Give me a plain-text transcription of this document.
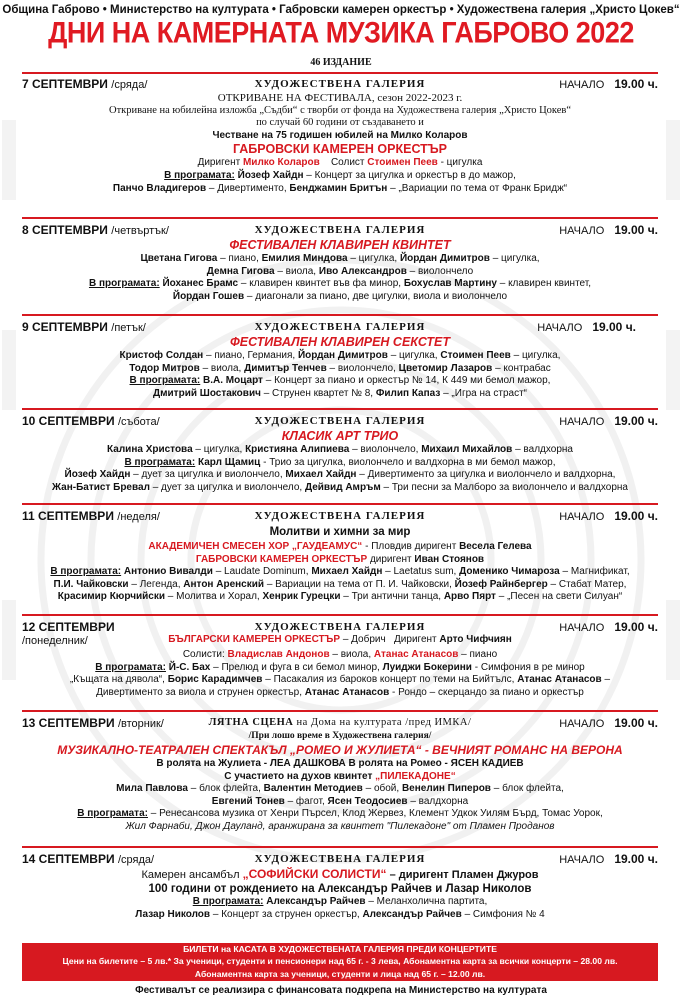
Община Габрово • Министерство на културата • Габровски камерен оркестър • Художествена галерия „Христо Цокев“
ДНИ НА КАМЕРНАТА МУЗИКА ГАБРОВО 2022
46 ИЗДАНИЕ
7 СЕПТЕМВРИ /сряда/	ХУДОЖЕСТВЕНА ГАЛЕРИЯ	НАЧАЛО 19.00 ч.
ОТКРИВАНЕ НА ФЕСТИВАЛА, сезон 2022-2023 г.
Откриване на юбилейна изложба „Съдби“ с творби от фонда на Художествена галерия „Христо Цокев“
по случай 60 години от създаването и
Честване на 75 годишен юбилей на Милко Коларов
ГАБРОВСКИ КАМЕРЕН ОРКЕСТЪР
Диригент Милко Коларов Солист Стоимен Пеев - цигулка
В програмата: Йозеф Хайдн – Концерт за цигулка и оркестър в до мажор,
Панчо Владигеров – Дивертименто, Бенджамин Бритън – „Вариации по тема от Франк Бридж“
8 СЕПТЕМВРИ /четвъртък/	ХУДОЖЕСТВЕНА ГАЛЕРИЯ	НАЧАЛО 19.00 ч.
ФЕСТИВАЛЕН КЛАВИРЕН КВИНТЕТ
Цветана Гигова – пиано, Емилия Миндова – цигулка, Йордан Димитров – цигулка,
Демна Гигова – виола, Иво Александров – виолончело
В програмата: Йоханес Брамс – клавирен квинтет във фа минор, Бохуслав Мартину – клавирен квинтет,
Йордан Гошев – диагонали за пиано, две цигулки, виола и виолончело
9 СЕПТЕМВРИ /петък/	ХУДОЖЕСТВЕНА ГАЛЕРИЯ	НАЧАЛО 19.00 ч.
ФЕСТИВАЛЕН КЛАВИРЕН СЕКСТЕТ
Кристоф Солдан – пиано, Германия, Йордан Димитров – цигулка, Стоимен Пеев – цигулка,
Тодор Митров – виола, Димитър Тенчев – виолончело, Цветомир Лазаров – контрабас
В програмата: В.А. Моцарт – Концерт за пиано и оркестър № 14, К 449 ми бемол мажор,
Дмитрий Шостакович – Струнен квартет № 8, Филип Капаз – „Игра на страст“
10 СЕПТЕМВРИ /събота/	ХУДОЖЕСТВЕНА ГАЛЕРИЯ	НАЧАЛО 19.00 ч.
КЛАСИК АРТ ТРИО
Калина Христова – цигулка, Кристияна Алипиева – виолончело, Михаил Михайлов – валдхорна
В програмата: Карл Щамиц - Трио за цигулка, виолончело и валдхорна в ми бемол мажор,
Йозеф Хайдн – дует за цигулка и виолончело, Михаел Хайдн – Дивертименто за цигулка и виолончело и валдхорна,
Жан-Батист Бревал – дует за цигулка и виолончело, Дейвид Амръм – Три песни за Малборо за виолончело и валдхорна
11 СЕПТЕМВРИ /неделя/	ХУДОЖЕСТВЕНА ГАЛЕРИЯ	НАЧАЛО 19.00 ч.
Молитви и химни за мир
АКАДЕМИЧЕН СМЕСЕН ХОР „ГАУДЕАМУС“ - Пловдив диригент Весела Гелева
ГАБРОВСКИ КАМЕРЕН ОРКЕСТЪР диригент Иван Стоянов
В програмата: Антонио Вивалди – Laudate Dominum, Михаел Хайдн – Laetatus sum, Доменико Чимароза – Магнификат,
П.И. Чайковски – Легенда, Антон Аренский – Вариации на тема от П. И. Чайковски, Йозеф Райнбергер – Стабат Матер,
Красимир Кюрчийски – Молитва и Хорал, Хенрик Гурецки – Три антични танца, Арво Пярт – „Песен на свети Силуан“
12 СЕПТЕМВРИ	ХУДОЖЕСТВЕНА ГАЛЕРИЯ	НАЧАЛО 19.00 ч.
/понеделник/	БЪЛГАРСКИ КАМЕРЕН ОРКЕСТЪР – Добрич Диригент Арто Чифчиян
Солисти: Владислав Андонов – виола, Атанас Атанасов – пиано
В програмата: Й-С. Бах – Прелюд и фуга в си бемол минор, Луиджи Бокерини - Симфония в ре минор
„Къщата на дявола“, Борис Карадимчев – Пасакалия из бароков концерт по теми на Бийтълс, Атанас Атанасов –
Дивертименто за виола и струнен оркестър, Атанас Атанасов - Рондо – скерцандо за пиано и оркестър
13 СЕПТЕМВРИ /вторник/	ЛЯТНА СЦЕНА на Дома на културата /пред ИМКА/	НАЧАЛО 19.00 ч.
/При лошо време в Художествена галерия/
МУЗИКАЛНО-ТЕАТРАЛЕН СПЕКТАКЪЛ „РОМЕО И ЖУЛИЕТА“ - ВЕЧНИЯТ РОМАНС НА ВЕРОНА
В ролята на Жулиета - ЛЕА ДАШКОВА В ролята на Ромео - ЯСЕН КАДИЕВ
С участието на духов квинтет „ПИЛЕКАДОНЕ“
Мила Павлова – блок флейта, Валентин Методиев – обой, Венелин Пиперов – блок флейта,
Евгений Тонев – фагот, Ясен Теодосиев – валдхорна
В програмата: – Ренесансова музика от Хенри Пърсел, Клод Жервез, Клемент Удкок Уилям Бърд, Томас Уорок,
Жил Фарнаби, Джон Дауланд, аранжирана за квинтет "Пилекадоне" от Пламен Проданов
14 СЕПТЕМВРИ /сряда/	ХУДОЖЕСТВЕНА ГАЛЕРИЯ	НАЧАЛО 19.00 ч.
Камерен ансамбъл „СОФИЙСКИ СОЛИСТИ“ – диригент Пламен Джуров
100 години от рождението на Александър Райчев и Лазар Николов
В програмата: Александър Райчев – Меланхолична партита,
Лазар Николов – Концерт за струнен оркестър, Александър Райчев – Симфония № 4
БИЛЕТИ на КАСАТА В ХУДОЖЕСТВЕНАТА ГАЛЕРИЯ ПРЕДИ КОНЦЕРТИТЕ
Цени на билетите – 5 лв.* За ученици, студенти и пенсионери над 65 г. - 3 лева, Абонаментна карта за всички концерти – 28.00 лв.
Абонаментна карта за ученици, студенти и лица над 65 г. – 12.00 лв.
Фестивалът се реализира с финансовата подкрепа на Министерство на културата
